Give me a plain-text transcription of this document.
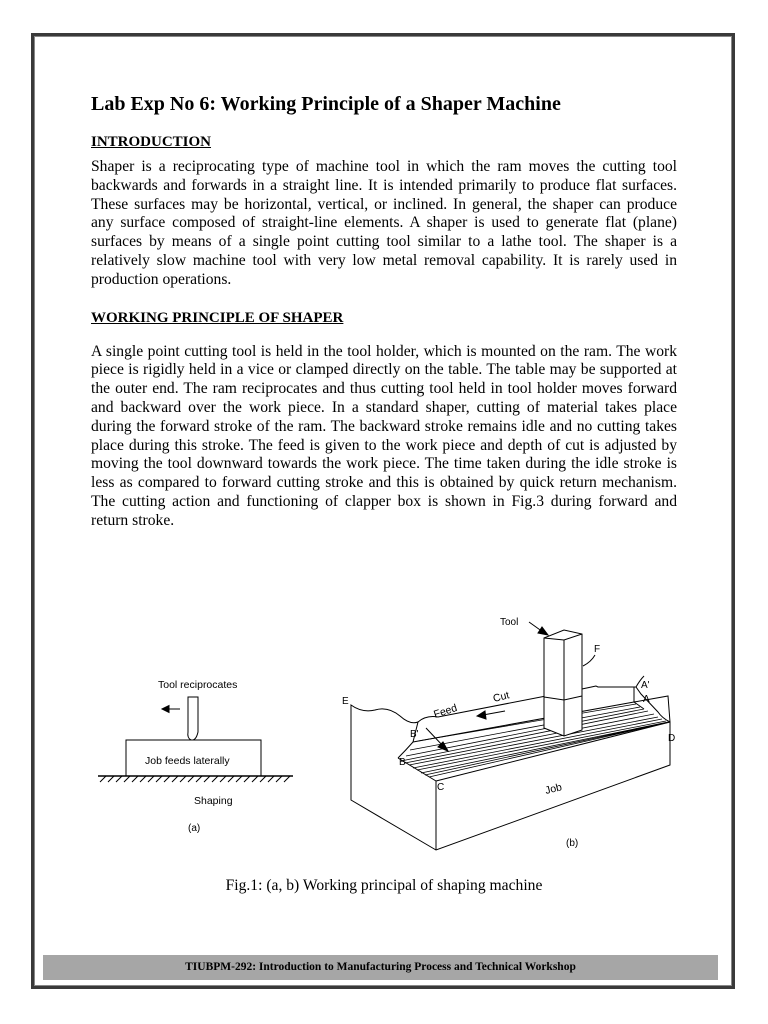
Lab Exp No 6: Working Principle of a Shaper Machine
INTRODUCTION

Shaper is a reciprocating type of machine tool in which the ram moves the cutting tool backwards and forwards in a straight line. It is intended primarily to produce flat surfaces. These surfaces may be horizontal, vertical, or inclined. In general, the shaper can produce any surface composed of straight-line elements. A shaper is used to generate flat (plane) surfaces by means of a single point cutting tool similar to a lathe tool. The shaper is a relatively slow machine tool with very low metal removal capability. It is rarely used in production operations.

WORKING PRINCIPLE OF SHAPER

A single point cutting tool is held in the tool holder, which is mounted on the ram. The work piece is rigidly held in a vice or clamped directly on the table. The table may be supported at the outer end. The ram reciprocates and thus cutting tool held in tool holder moves forward and backward over the work piece. In a standard shaper, cutting of material takes place during the forward stroke of the ram. The backward stroke remains idle and no cutting takes place during this stroke. The feed is given to the work piece and depth of cut is adjusted by moving the tool downward towards the work piece. The time taken during the idle stroke is less as compared to forward cutting stroke and this is obtained by quick return mechanism. The cutting action and functioning of clapper box is shown in Fig.3 during forward and return stroke.

Tool reciprocates
Job feeds laterally
Shaping
(a)
Tool
F
A'
A
D
E
B'
B
C
Feed
Cut
Job
(b)
Fig.1: (a, b) Working principal of shaping machine
TIUBPM-292: Introduction to Manufacturing Process and Technical Workshop
